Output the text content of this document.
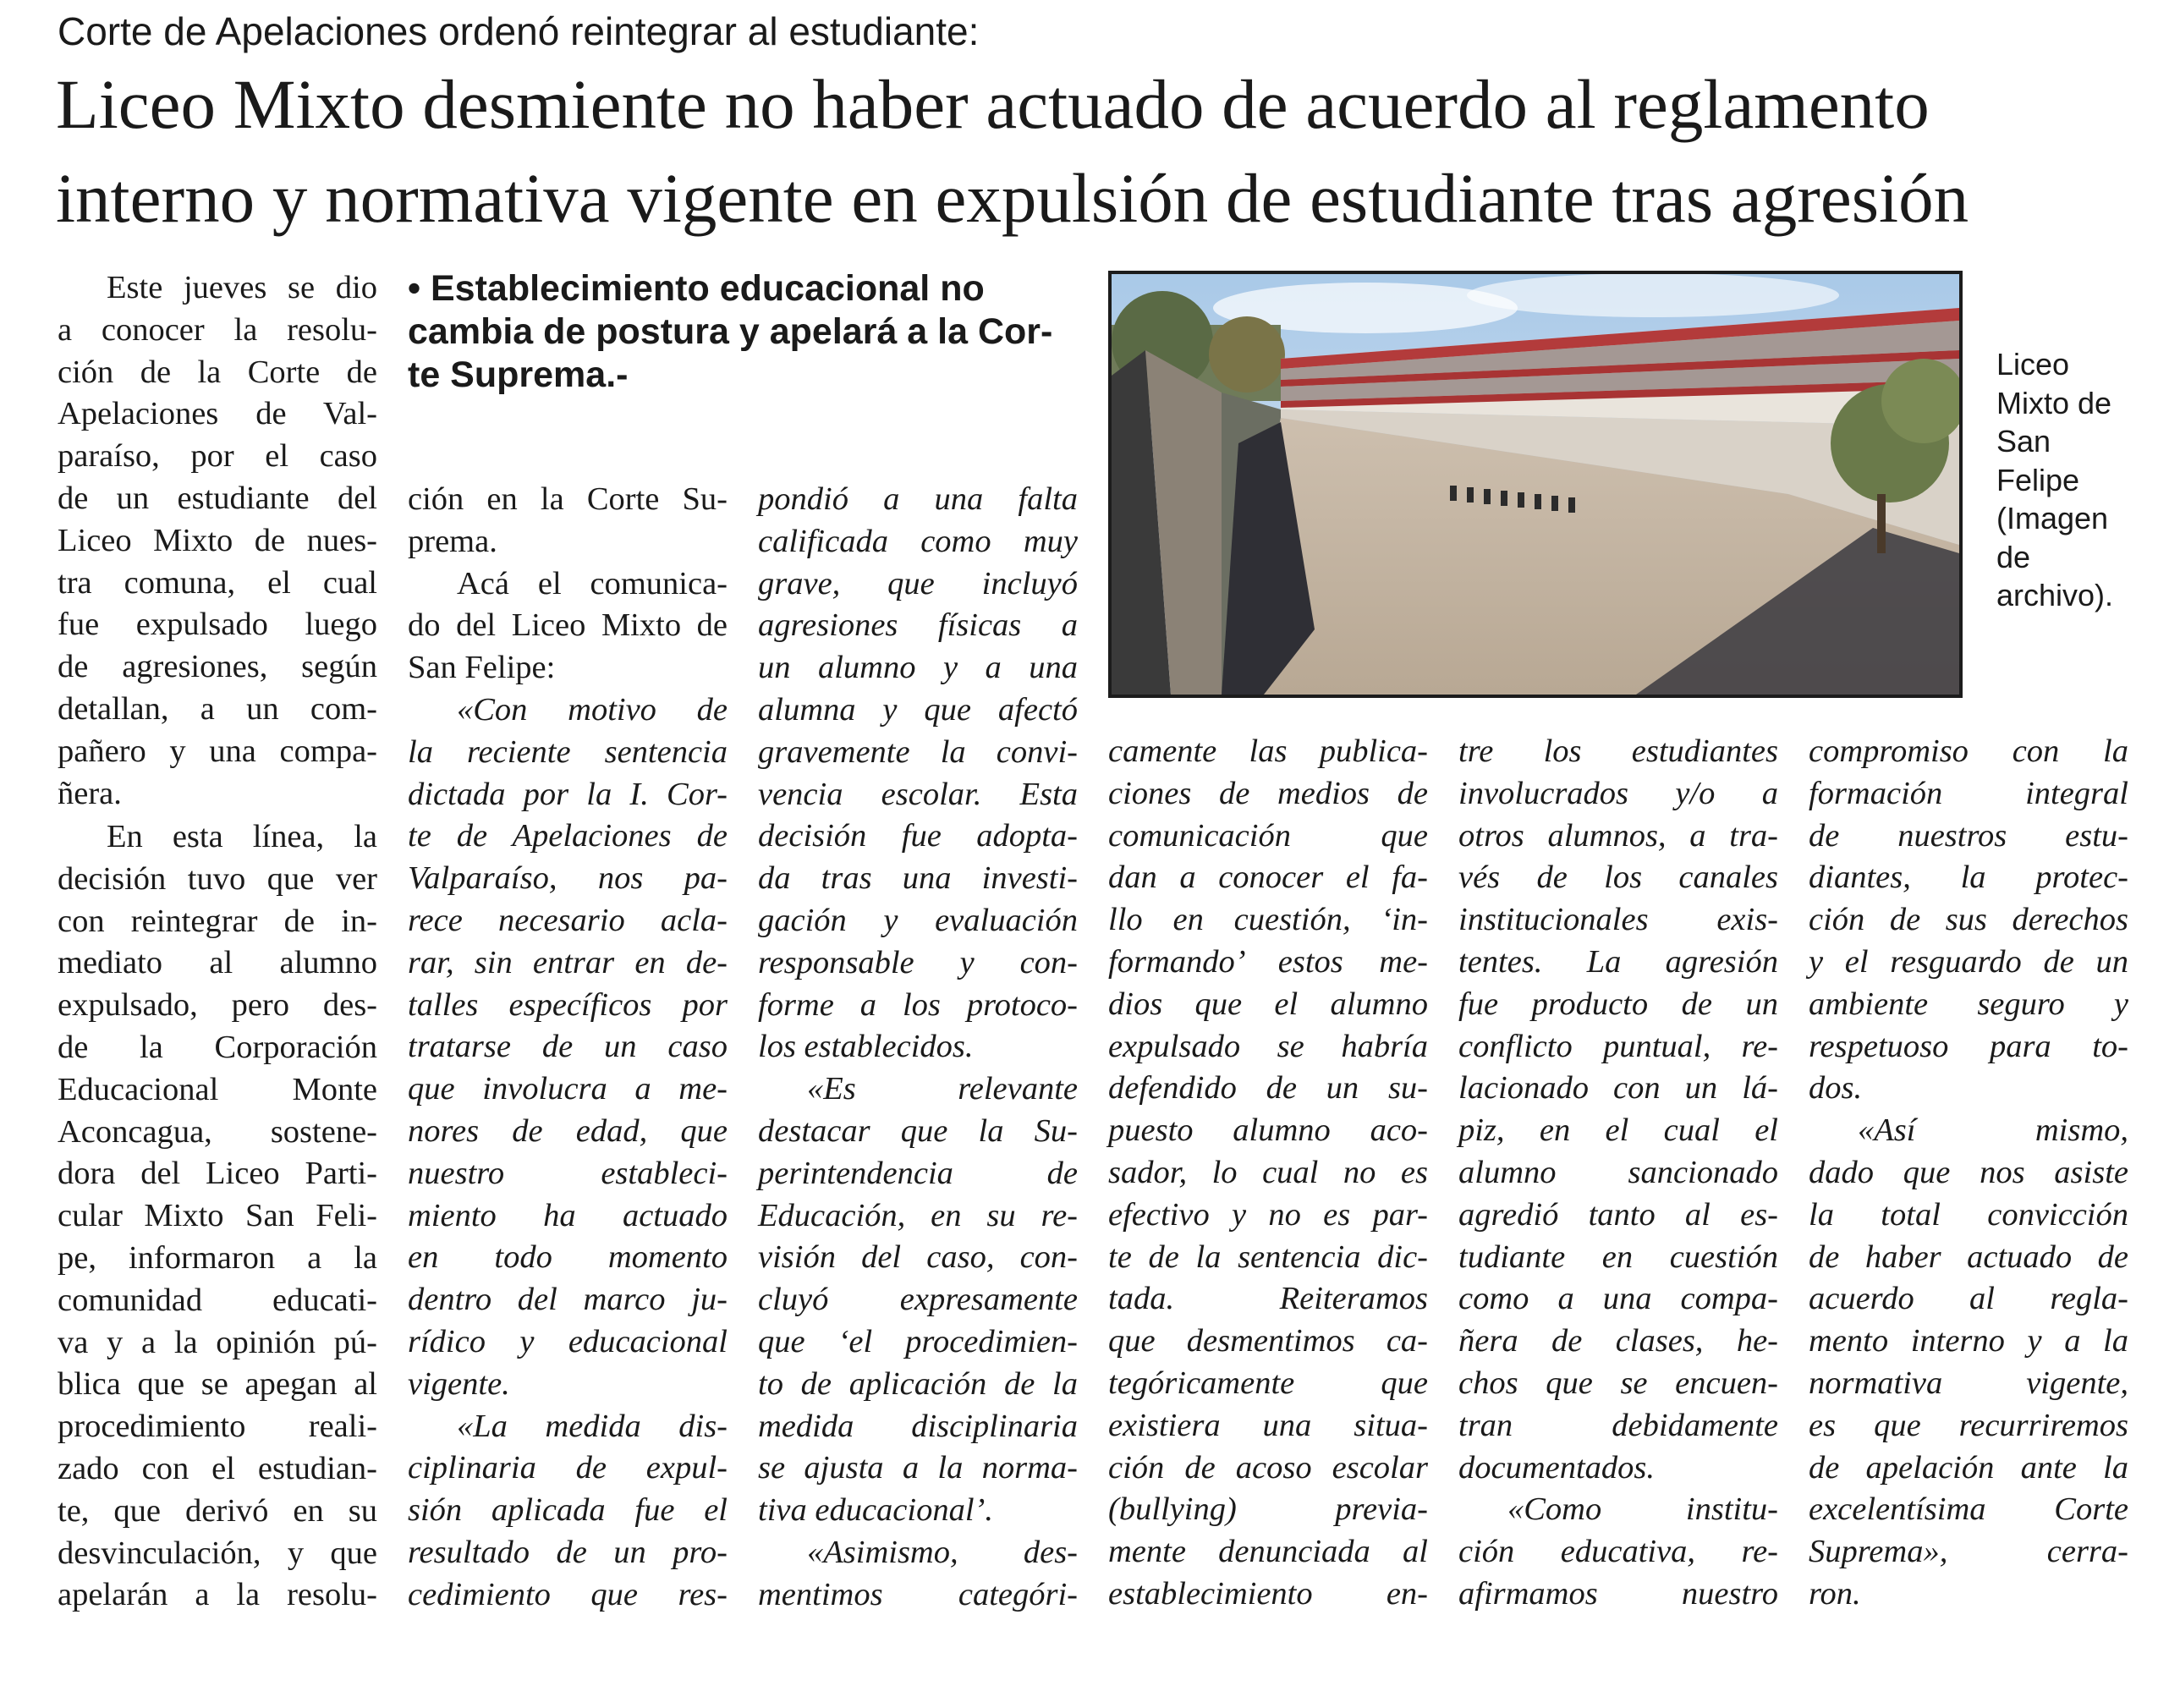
Corte de Apelaciones ordenó reintegrar al estudiante:
Liceo Mixto desmiente no haber actuado de acuerdo al reglamento
interno y normativa vigente en expulsión de estudiante tras agresión

Este jueves se dio

a conocer la resolu-

ción de la Corte de

Apelaciones de Val-

paraíso, por el caso

de un estudiante del

Liceo Mixto de nues-

tra comuna, el cual

fue expulsado luego

de agresiones, según

detallan, a un com-

pañero y una compa-

ñera.

En esta línea, la

decisión tuvo que ver

con reintegrar de in-

mediato al alumno

expulsado, pero des-

de la Corporación

Educacional Monte

Aconcagua, sostene-

dora del Liceo Parti-

cular Mixto San Feli-

pe, informaron a la

comunidad educati-

va y a la opinión pú-

blica que se apegan al

procedimiento reali-

zado con el estudian-

te, que derivó en su

desvinculación, y que

apelarán a la resolu-

• Establecimiento educacional no

cambia de postura y apelará a la Cor-

te Suprema.-

ción en la Corte Su-

prema.

Acá el comunica-

do del Liceo Mixto de

San Felipe:

«Con motivo de

la reciente sentencia

dictada por la I. Cor-

te de Apelaciones de

Valparaíso, nos pa-

rece necesario acla-

rar, sin entrar en de-

talles específicos por

tratarse de un caso

que involucra a me-

nores de edad, que

nuestro estableci-

miento ha actuado

en todo momento

dentro del marco ju-

rídico y educacional

vigente.

«La medida dis-

ciplinaria de expul-

sión aplicada fue el

resultado de un pro-

cedimiento que res-

pondió a una falta

calificada como muy

grave, que incluyó

agresiones físicas a

un alumno y a una

alumna y que afectó

gravemente la convi-

vencia escolar. Esta

decisión fue adopta-

da tras una investi-

gación y evaluación

responsable y con-

forme a los protoco-

los establecidos.

«Es relevante

destacar que la Su-

perintendencia de

Educación, en su re-

visión del caso, con-

cluyó expresamente

que ‘el procedimien-

to de aplicación de la

medida disciplinaria

se ajusta a la norma-

tiva educacional’.

«Asimismo, des-

mentimos categóri-

Liceo

Mixto de

San

Felipe

(Imagen

de

archivo).

camente las publica-

ciones de medios de

comunicación que

dan a conocer el fa-

llo en cuestión, ‘in-

formando’ estos me-

dios que el alumno

expulsado se habría

defendido de un su-

puesto alumno aco-

sador, lo cual no es

efectivo y no es par-

te de la sentencia dic-

tada. Reiteramos

que desmentimos ca-

tegóricamente que

existiera una situa-

ción de acoso escolar

(bullying) previa-

mente denunciada al

establecimiento en-

tre los estudiantes

involucrados y/o a

otros alumnos, a tra-

vés de los canales

institucionales exis-

tentes. La agresión

fue producto de un

conflicto puntual, re-

lacionado con un lá-

piz, en el cual el

alumno sancionado

agredió tanto al es-

tudiante en cuestión

como a una compa-

ñera de clases, he-

chos que se encuen-

tran debidamente

documentados.

«Como institu-

ción educativa, re-

afirmamos nuestro

compromiso con la

formación integral

de nuestros estu-

diantes, la protec-

ción de sus derechos

y el resguardo de un

ambiente seguro y

respetuoso para to-

dos.

«Así mismo,

dado que nos asiste

la total convicción

de haber actuado de

acuerdo al regla-

mento interno y a la

normativa vigente,

es que recurriremos

de apelación ante la

excelentísima Corte

Suprema», cerra-

ron.
